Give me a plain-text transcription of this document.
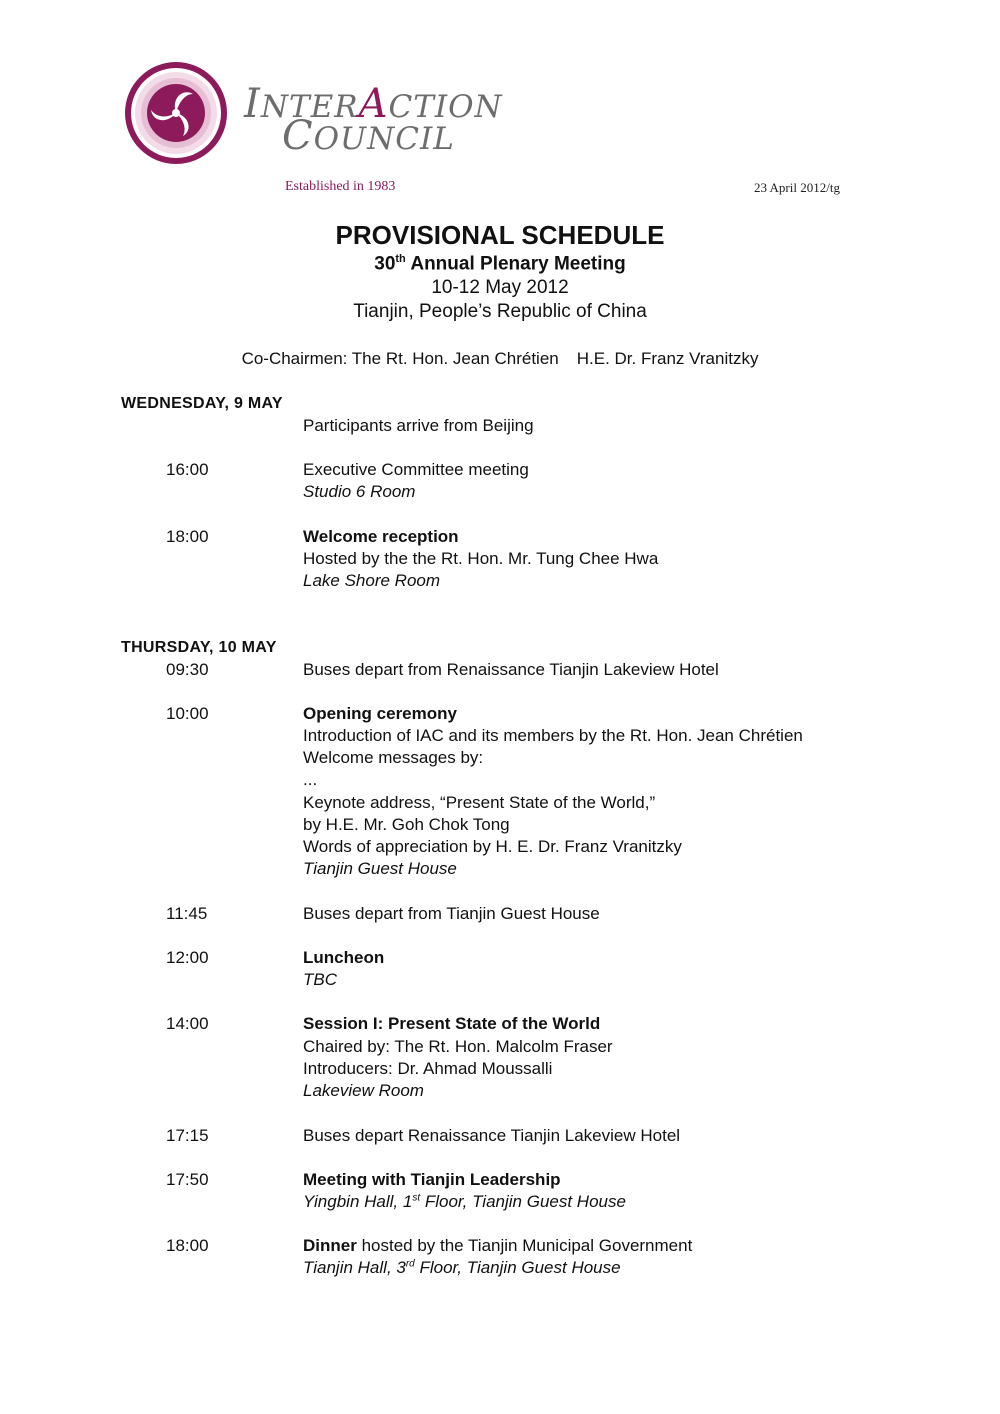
INTERACTION
COUNCIL
Established in 1983	23 April 2012/tg
PROVISIONAL SCHEDULE
30th Annual Plenary Meeting
10-12 May 2012
Tianjin, People’s Republic of China
Co-Chairmen: The Rt. Hon. Jean Chrétien H.E. Dr. Franz Vranitzky
WEDNESDAY, 9 MAY
Participants arrive from Beijing
16:00	Executive Committee meeting
Studio 6 Room
18:00	Welcome reception
Hosted by the the Rt. Hon. Mr. Tung Chee Hwa
Lake Shore Room
THURSDAY, 10 MAY
09:30	Buses depart from Renaissance Tianjin Lakeview Hotel
10:00	Opening ceremony
Introduction of IAC and its members by the Rt. Hon. Jean Chrétien
Welcome messages by:
...
Keynote address, “Present State of the World,”
by H.E. Mr. Goh Chok Tong
Words of appreciation by H. E. Dr. Franz Vranitzky
Tianjin Guest House
11:45	Buses depart from Tianjin Guest House
12:00	Luncheon
TBC
14:00	Session I: Present State of the World
Chaired by: The Rt. Hon. Malcolm Fraser
Introducers: Dr. Ahmad Moussalli
Lakeview Room
17:15	Buses depart Renaissance Tianjin Lakeview Hotel
17:50	Meeting with Tianjin Leadership
Yingbin Hall, 1st Floor, Tianjin Guest House
18:00	Dinner hosted by the Tianjin Municipal Government
Tianjin Hall, 3rd Floor, Tianjin Guest House
